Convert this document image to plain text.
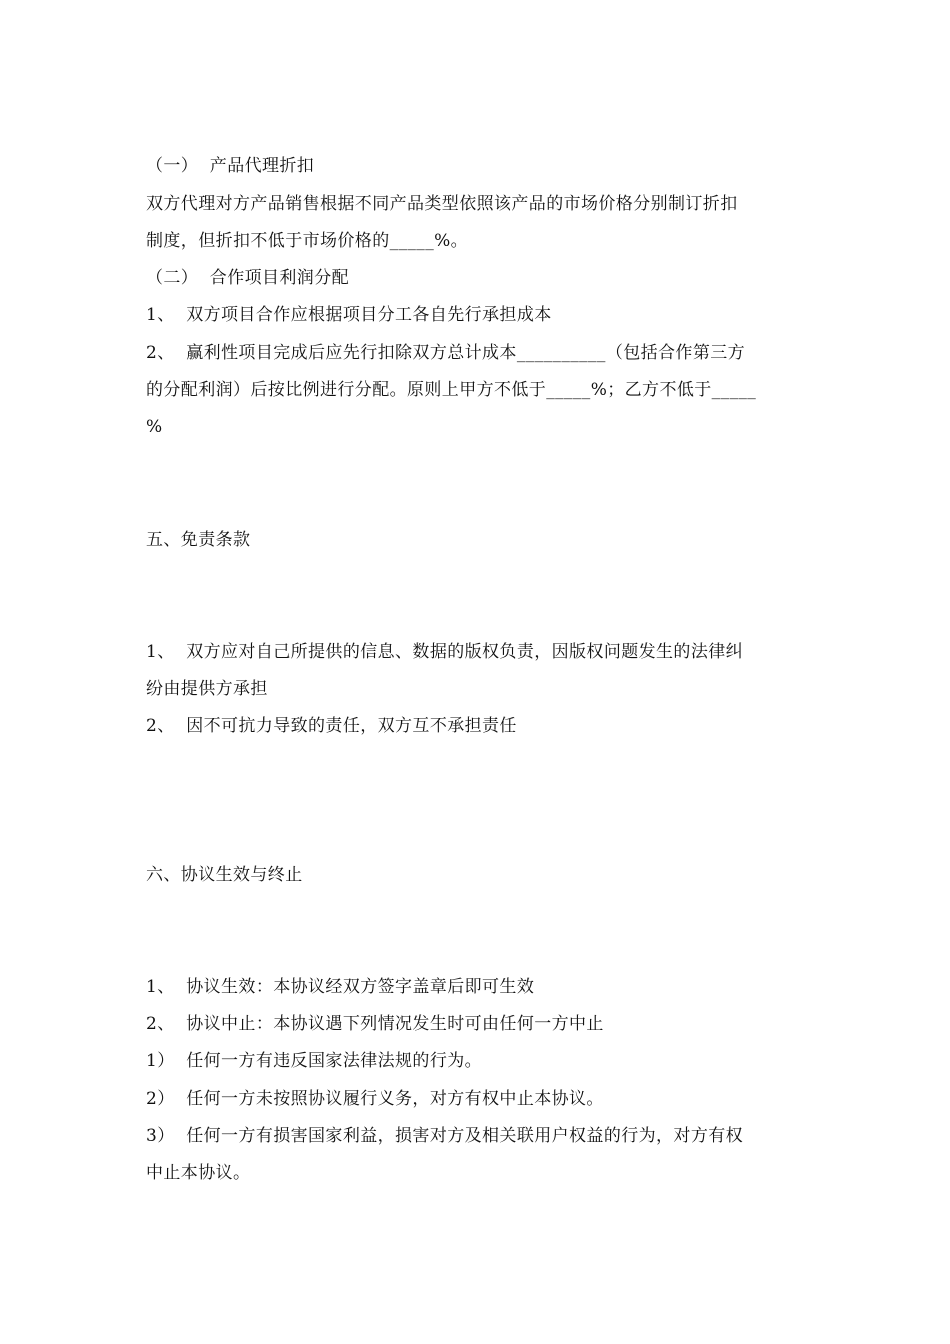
（一）  产品代理折扣

双方代理对方产品销售根据不同产品类型依照该产品的市场价格分别制订折扣

制度，但折扣不低于市场价格的_____%。

（二）  合作项目利润分配

1、  双方项目合作应根据项目分工各自先行承担成本

2、  赢利性项目完成后应先行扣除双方总计成本__________（包括合作第三方

的分配利润）后按比例进行分配。原则上甲方不低于_____%；乙方不低于_____

%

五、免责条款

1、  双方应对自己所提供的信息、数据的版权负责，因版权问题发生的法律纠

纷由提供方承担

2、  因不可抗力导致的责任，双方互不承担责任

六、协议生效与终止

1、  协议生效：本协议经双方签字盖章后即可生效

2、  协议中止：本协议遇下列情况发生时可由任何一方中止

1）  任何一方有违反国家法律法规的行为。

2）  任何一方未按照协议履行义务，对方有权中止本协议。

3）  任何一方有损害国家利益，损害对方及相关联用户权益的行为，对方有权

中止本协议。
